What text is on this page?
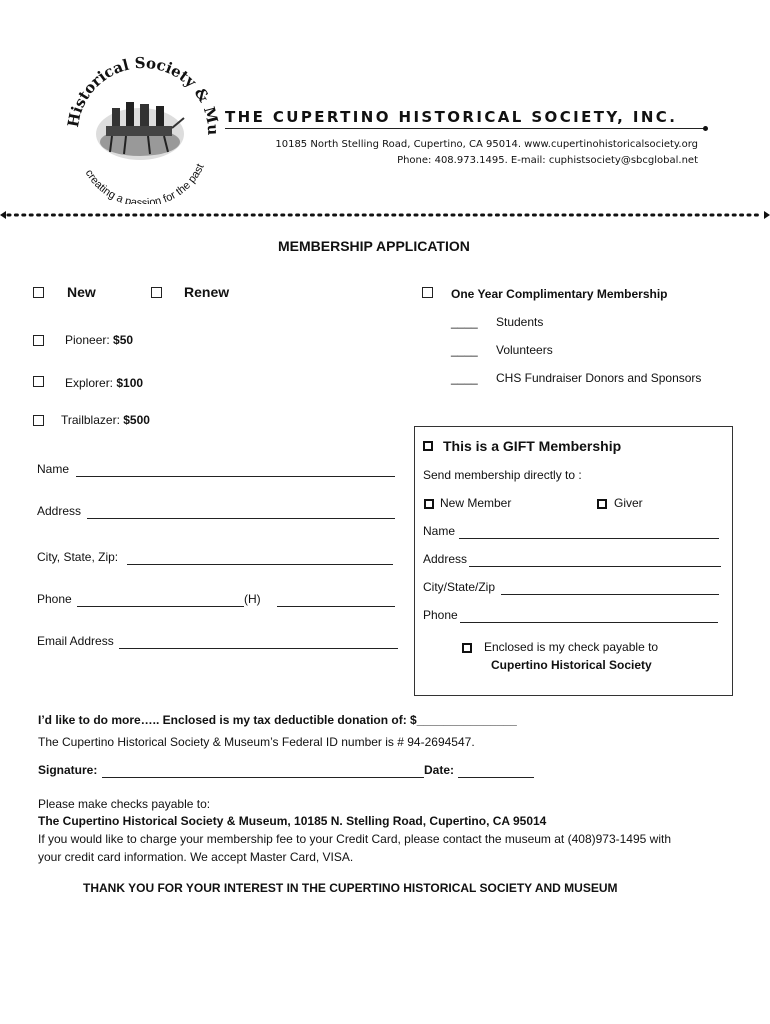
Historical Society & M
creating a passion for the past
THE CUPERTINO HISTORICAL SOCIETY, INC.
10185 North Stelling Road, Cupertino, CA 95014. www.cupertinohistoricalsociety.org
Phone: 408.973.1495. E-mail: cuphistsociety@sbcglobal.net
MEMBERSHIP APPLICATION
New	Renew
Pioneer: $50
Explorer: $100
Trailblazer: $500
One Year Complimentary Membership
____ Students
____ Volunteers
____ CHS Fundraiser Donors and Sponsors
Name
Address
City, State, Zip:
Phone	(H)
Email Address
This is a GIFT Membership
Send membership directly to :
New Member	Giver
Name
Address
City/State/Zip
Phone
Enclosed is my check payable to
Cupertino Historical Society
I’d like to do more….. Enclosed is my tax deductible donation of: $_______________
The Cupertino Historical Society & Museum’s Federal ID number is # 94-2694547.
Signature:	Date:
Please make checks payable to:
The Cupertino Historical Society & Museum, 10185 N. Stelling Road, Cupertino, CA 95014
If you would like to charge your membership fee to your Credit Card, please contact the museum at (408)973-1495 with
your credit card information. We accept Master Card, VISA.
THANK YOU FOR YOUR INTEREST IN THE CUPERTINO HISTORICAL SOCIETY AND MUSEUM
